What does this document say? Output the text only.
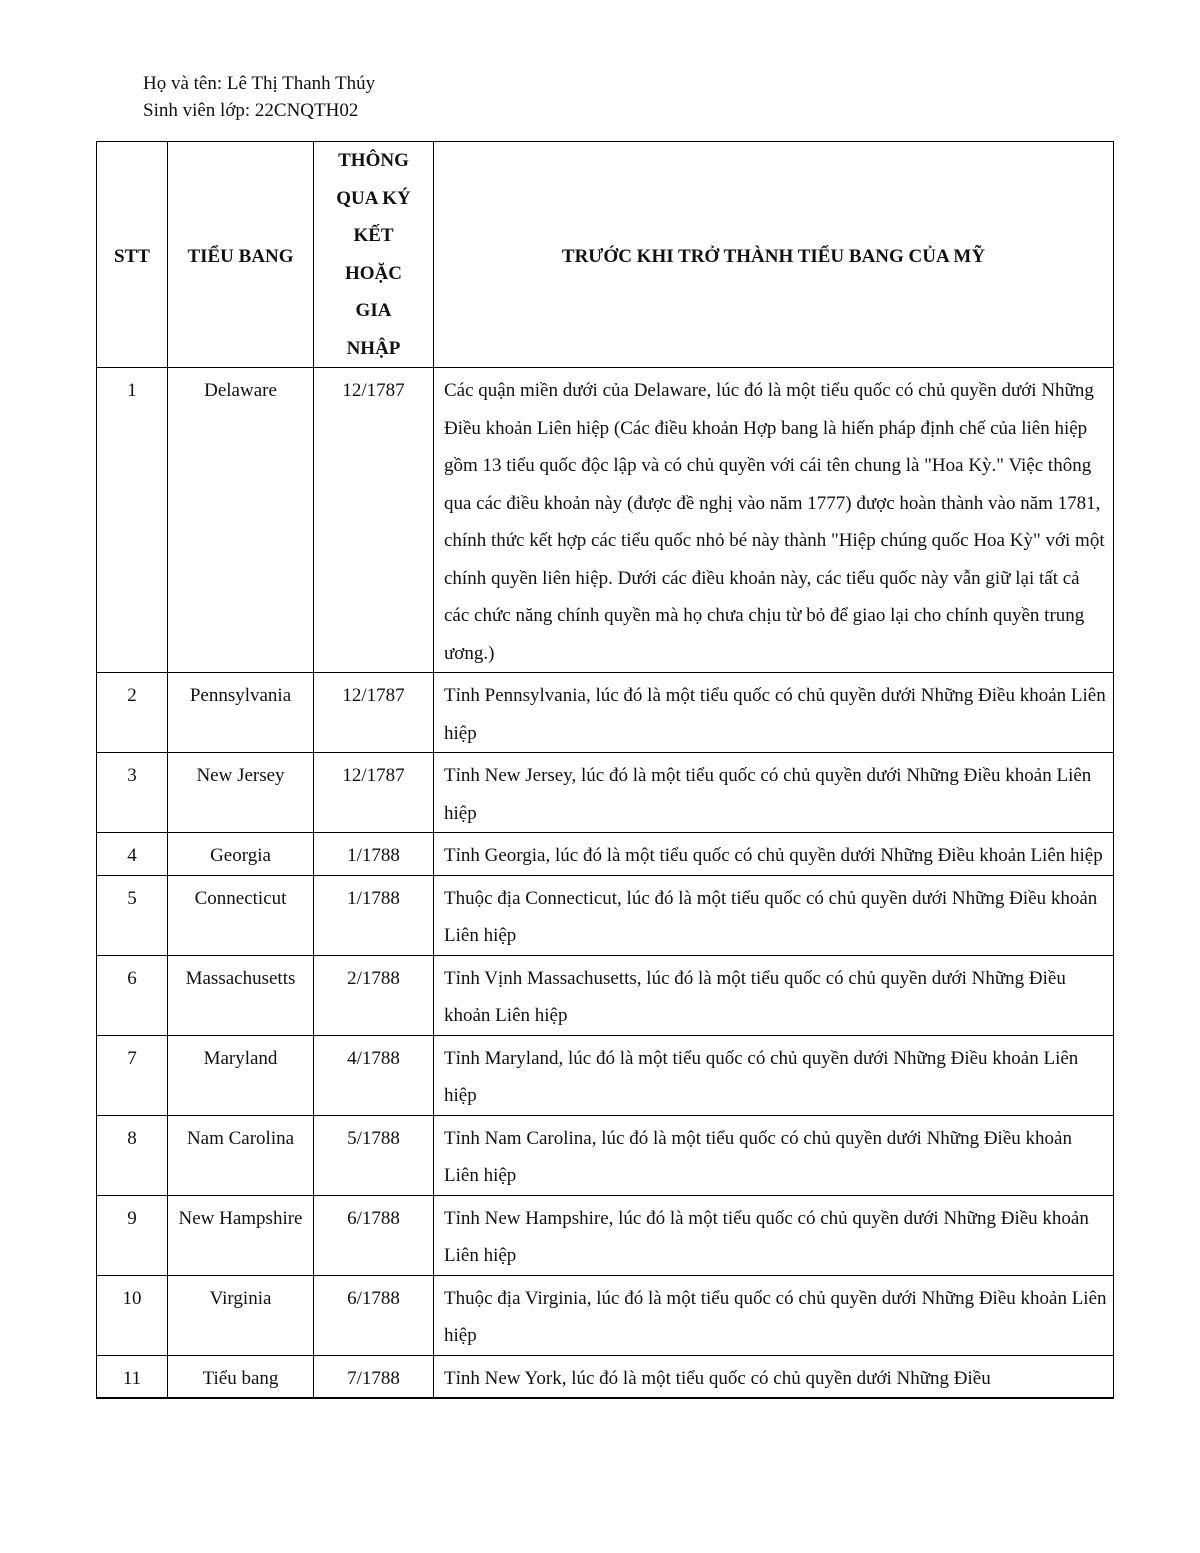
Họ và tên: Lê Thị Thanh Thúy
Sinh viên lớp: 22CNQTH02
STT	TIỂU BANG	THÔNG QUA KÝ KẾT HOẶC GIA NHẬP	TRƯỚC KHI TRỞ THÀNH TIỂU BANG CỦA MỸ
1	Delaware	12/1787	Các quận miền dưới của Delaware, lúc đó là một tiểu quốc có chủ quyền dưới Những Điều khoản Liên hiệp (Các điều khoản Hợp bang là hiến pháp định chế của liên hiệp gồm 13 tiểu quốc độc lập và có chủ quyền với cái tên chung là "Hoa Kỳ." Việc thông qua các điều khoản này (được đề nghị vào năm 1777) được hoàn thành vào năm 1781, chính thức kết hợp các tiểu quốc nhỏ bé này thành "Hiệp chúng quốc Hoa Kỳ" với một chính quyền liên hiệp. Dưới các điều khoản này, các tiểu quốc này vẫn giữ lại tất cả các chức năng chính quyền mà họ chưa chịu từ bỏ để giao lại cho chính quyền trung ương.)
2	Pennsylvania	12/1787	Tỉnh Pennsylvania, lúc đó là một tiểu quốc có chủ quyền dưới Những Điều khoản Liên hiệp
3	New Jersey	12/1787	Tỉnh New Jersey, lúc đó là một tiểu quốc có chủ quyền dưới Những Điều khoản Liên hiệp
4	Georgia	1/1788	Tỉnh Georgia, lúc đó là một tiểu quốc có chủ quyền dưới Những Điều khoản Liên hiệp
5	Connecticut	1/1788	Thuộc địa Connecticut, lúc đó là một tiểu quốc có chủ quyền dưới Những Điều khoản Liên hiệp
6	Massachusetts	2/1788	Tỉnh Vịnh Massachusetts, lúc đó là một tiểu quốc có chủ quyền dưới Những Điều khoản Liên hiệp
7	Maryland	4/1788	Tỉnh Maryland, lúc đó là một tiểu quốc có chủ quyền dưới Những Điều khoản Liên hiệp
8	Nam Carolina	5/1788	Tỉnh Nam Carolina, lúc đó là một tiểu quốc có chủ quyền dưới Những Điều khoản Liên hiệp
9	New Hampshire	6/1788	Tỉnh New Hampshire, lúc đó là một tiểu quốc có chủ quyền dưới Những Điều khoản Liên hiệp
10	Virginia	6/1788	Thuộc địa Virginia, lúc đó là một tiểu quốc có chủ quyền dưới Những Điều khoản Liên hiệp
11	Tiểu bang	7/1788	Tỉnh New York, lúc đó là một tiểu quốc có chủ quyền dưới Những Điều
